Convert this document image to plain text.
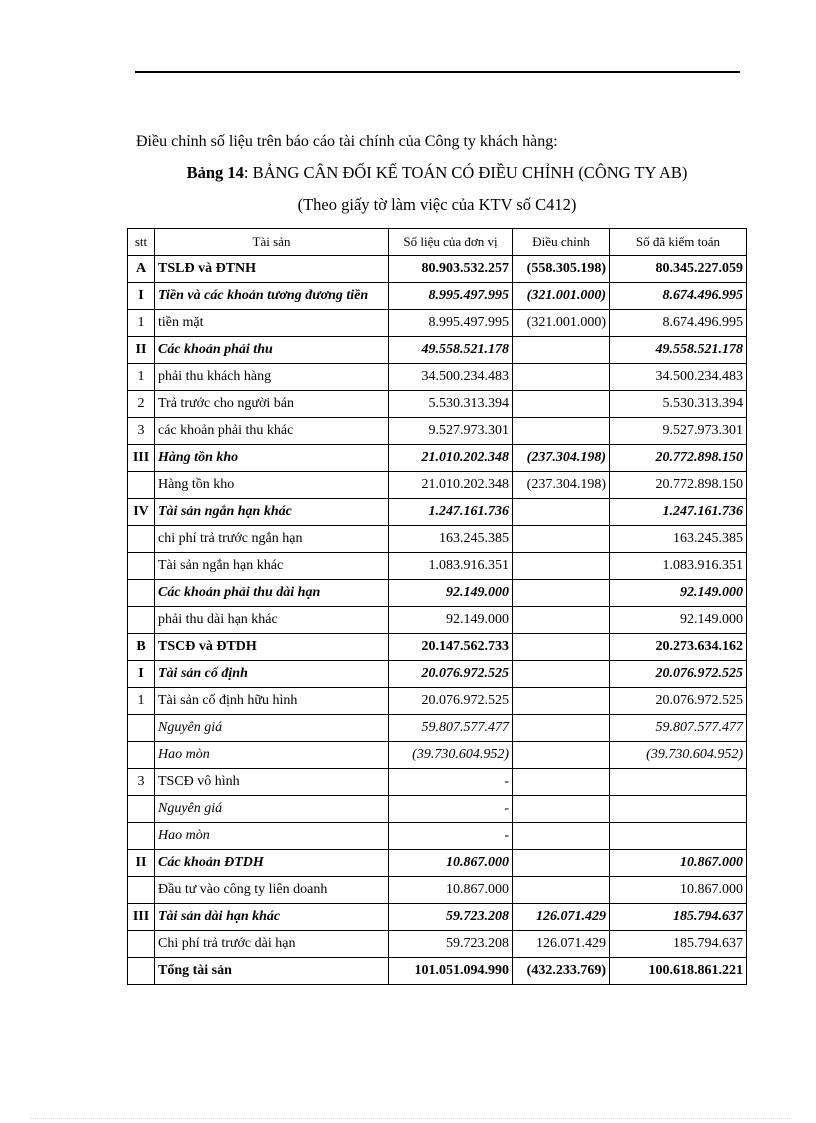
Điều chỉnh số liệu trên báo cáo tài chính của Công ty khách hàng:
Bảng 14: BẢNG CÂN ĐỐI KẾ TOÁN CÓ ĐIỀU CHỈNH (CÔNG TY AB)
(Theo giấy tờ làm việc của KTV số C412)
stt	Tài sản	Số liệu của đơn vị	Điều chỉnh	Số đã kiểm toán
A	TSLĐ và ĐTNH	80.903.532.257	(558.305.198)	80.345.227.059
I	Tiền và các khoản tương đương tiền	8.995.497.995	(321.001.000)	8.674.496.995
1	tiền mặt	8.995.497.995	(321.001.000)	8.674.496.995
II	Các khoản phải thu	49.558.521.178		49.558.521.178
1	phải thu khách hàng	34.500.234.483		34.500.234.483
2	Trả trước cho người bán	5.530.313.394		5.530.313.394
3	các khoản phải thu khác	9.527.973.301		9.527.973.301
III	Hàng tồn kho	21.010.202.348	(237.304.198)	20.772.898.150
	Hàng tồn kho	21.010.202.348	(237.304.198)	20.772.898.150
IV	Tài sản ngắn hạn khác	1.247.161.736		1.247.161.736
	chi phí trả trước ngắn hạn	163.245.385		163.245.385
	Tài sản ngắn hạn khác	1.083.916.351		1.083.916.351
	Các khoản phải thu dài hạn	92.149.000		92.149.000
	phải thu dài hạn khác	92.149.000		92.149.000
B	TSCĐ và ĐTDH	20.147.562.733		20.273.634.162
I	Tài sản cố định	20.076.972.525		20.076.972.525
1	Tài sản cố định hữu hình	20.076.972.525		20.076.972.525
	Nguyên giá	59.807.577.477		59.807.577.477
	Hao mòn	(39.730.604.952)		(39.730.604.952)
3	TSCĐ vô hình	-		
	Nguyên giá	-		
	Hao mòn	-		
II	Các khoản ĐTDH	10.867.000		10.867.000
	Đầu tư vào công ty liên doanh	10.867.000		10.867.000
III	Tài sản dài hạn khác	59.723.208	126.071.429	185.794.637
	Chi phí trả trước dài hạn	59.723.208	126.071.429	185.794.637
	Tổng tài sản	101.051.094.990	(432.233.769)	100.618.861.221
